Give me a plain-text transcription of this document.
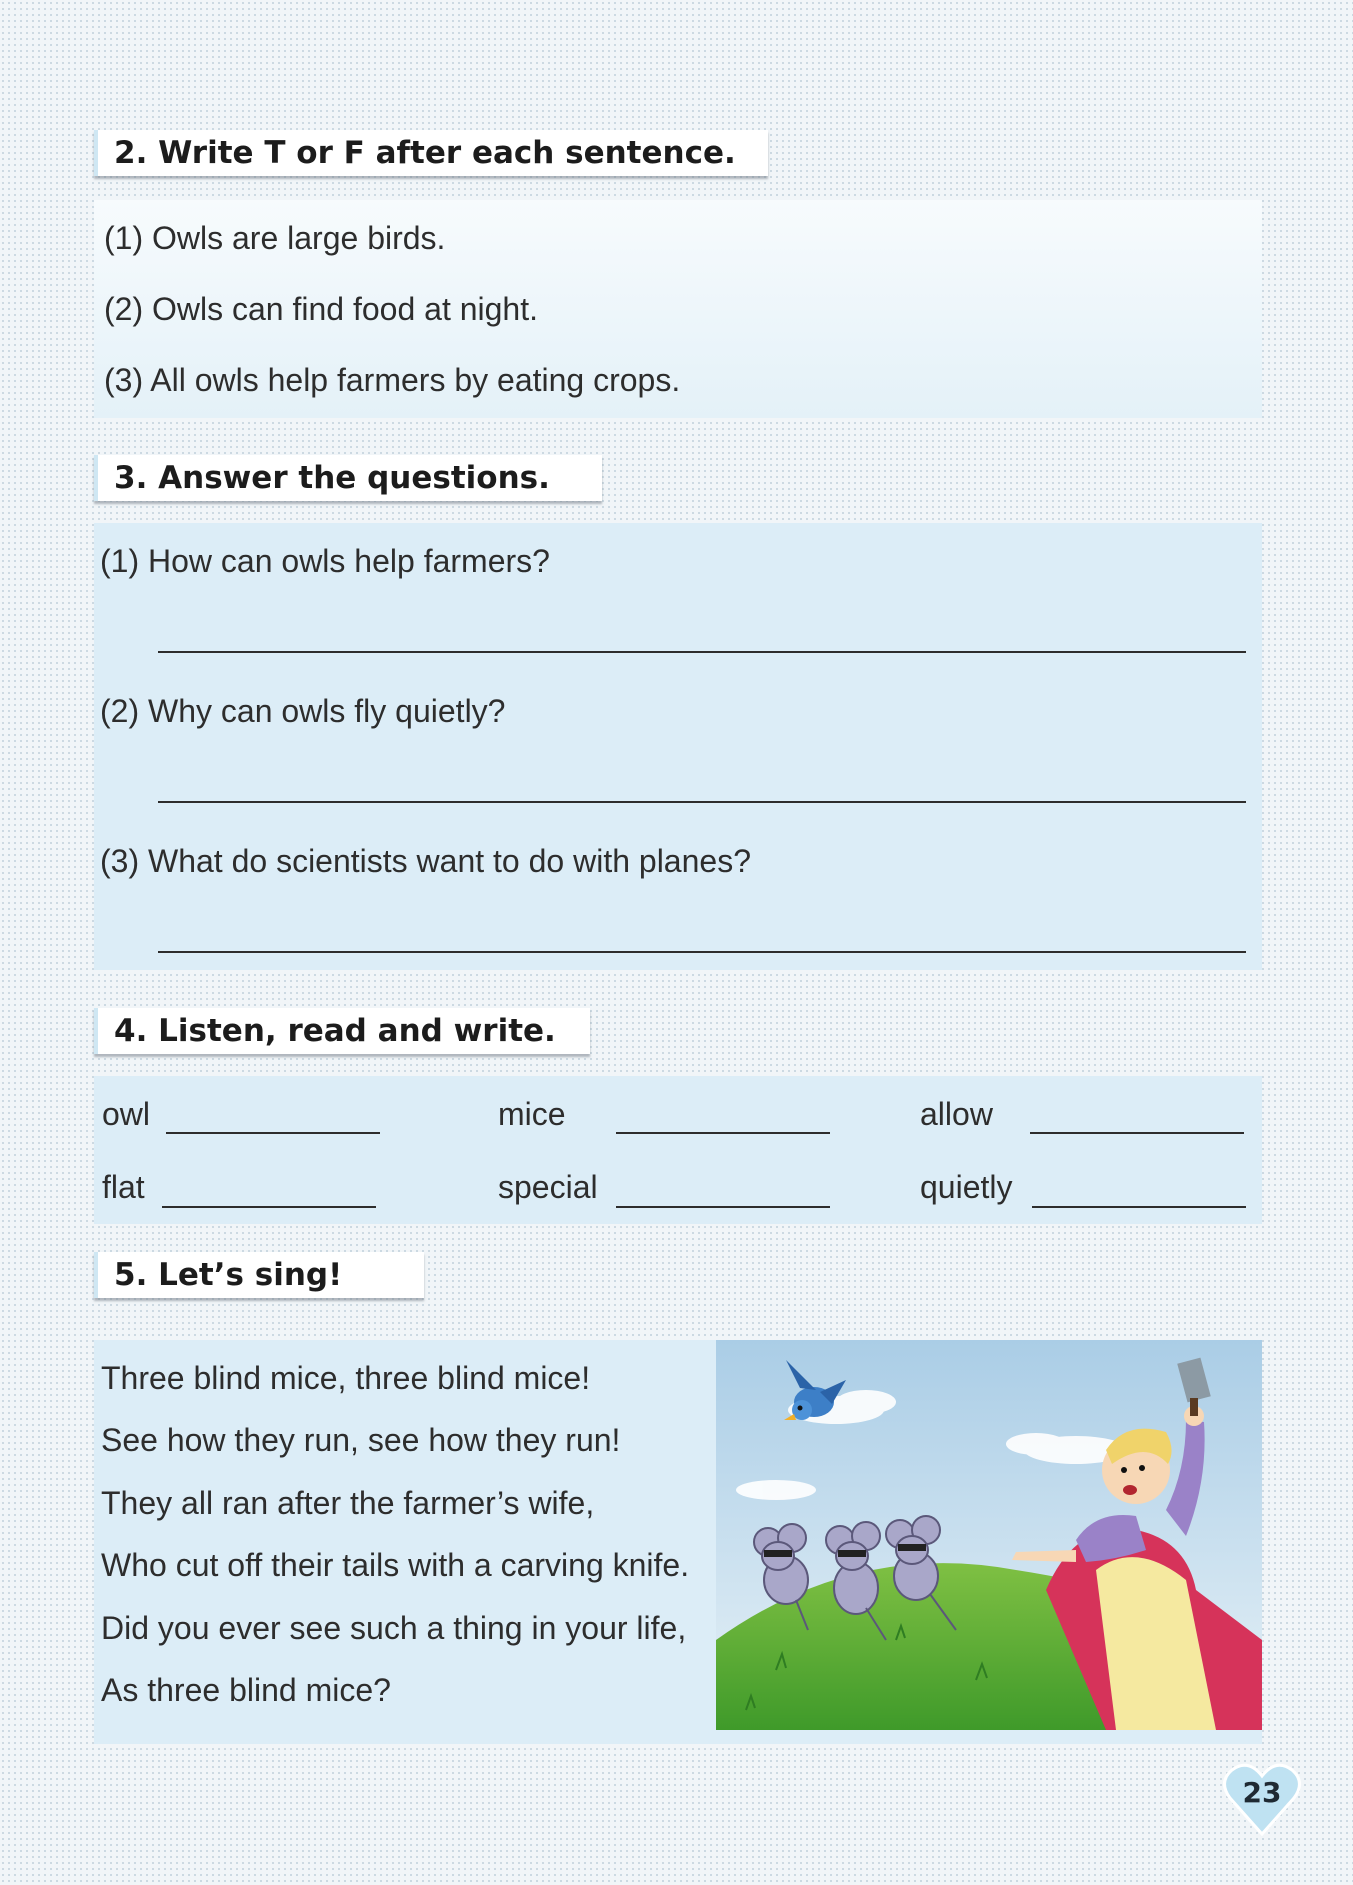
2. Write T or F after each sentence.
(1) Owls are large birds.
(2) Owls can find food at night.
(3) All owls help farmers by eating crops.
3. Answer the questions.
(1) How can owls help farmers?
(2) Why can owls fly quietly?
(3) What do scientists want to do with planes?
4. Listen, read and write.
owl	mice	allow
flat	special	quietly
5. Let’s sing!
Three blind mice, three blind mice!
See how they run, see how they run!
They all ran after the farmer’s wife,
Who cut off their tails with a carving knife.
Did you ever see such a thing in your life,
As three blind mice?
23
